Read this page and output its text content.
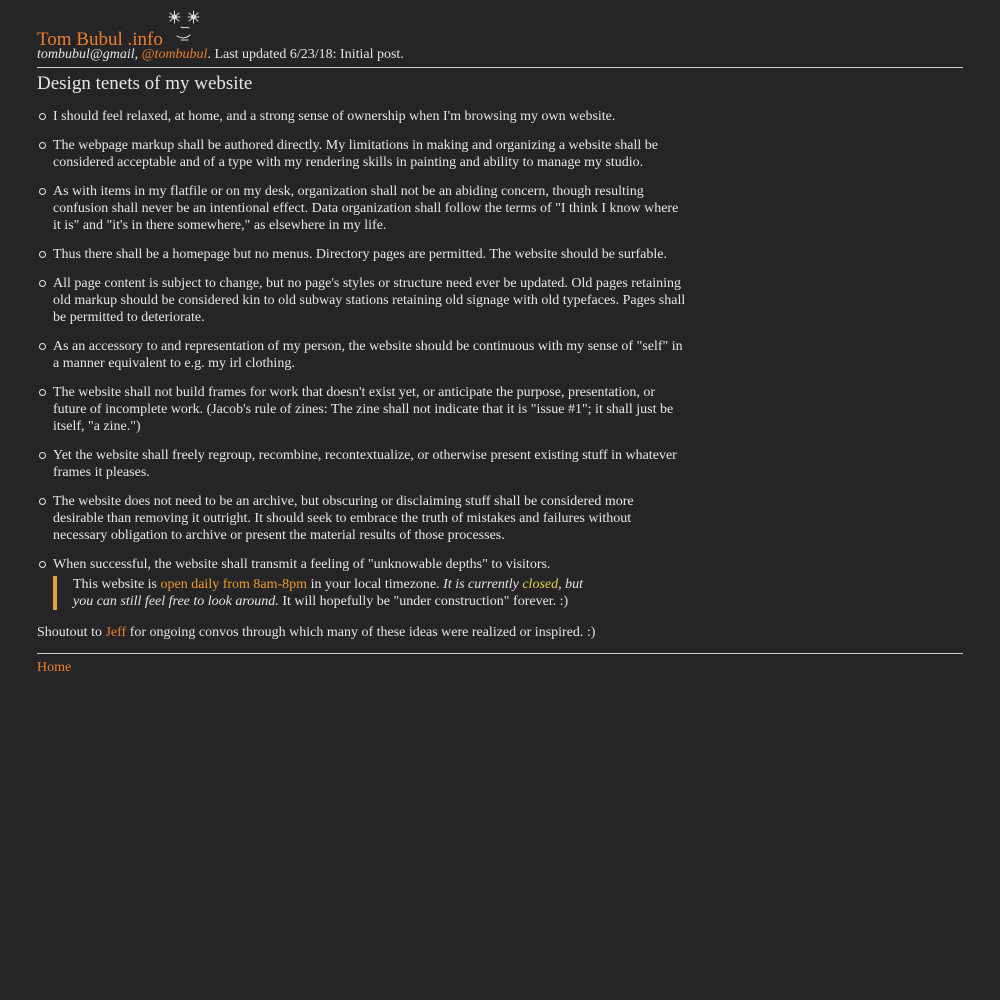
Tom Bubul .info
tombubul@gmail, @tombubul. Last updated 6/23/18: Initial post.
Design tenets of my website
I should feel relaxed, at home, and a strong sense of ownership when I'm browsing my own website.
The webpage markup shall be authored directly. My limitations in making and organizing a website shall be considered acceptable and of a type with my rendering skills in painting and ability to manage my studio.
As with items in my flatfile or on my desk, organization shall not be an abiding concern, though resulting confusion shall never be an intentional effect. Data organization shall follow the terms of "I think I know where it is" and "it's in there somewhere," as elsewhere in my life.
Thus there shall be a homepage but no menus. Directory pages are permitted. The website should be surfable.
All page content is subject to change, but no page's styles or structure need ever be updated. Old pages retaining old markup should be considered kin to old subway stations retaining old signage with old typefaces. Pages shall be permitted to deteriorate.
As an accessory to and representation of my person, the website should be continuous with my sense of "self" in a manner equivalent to e.g. my irl clothing.
The website shall not build frames for work that doesn't exist yet, or anticipate the purpose, presentation, or future of incomplete work. (Jacob's rule of zines: The zine shall not indicate that it is "issue #1"; it shall just be itself, "a zine.")
Yet the website shall freely regroup, recombine, recontextualize, or otherwise present existing stuff in whatever frames it pleases.
The website does not need to be an archive, but obscuring or disclaiming stuff shall be considered more desirable than removing it outright. It should seek to embrace the truth of mistakes and failures without necessary obligation to archive or present the material results of those processes.
When successful, the website shall transmit a feeling of "unknowable depths" to visitors.
This website is open daily from 8am-8pm in your local timezone. It is currently closed, but you can still feel free to look around. It will hopefully be "under construction" forever. :)
Shoutout to Jeff for ongoing convos through which many of these ideas were realized or inspired. :)
Home
